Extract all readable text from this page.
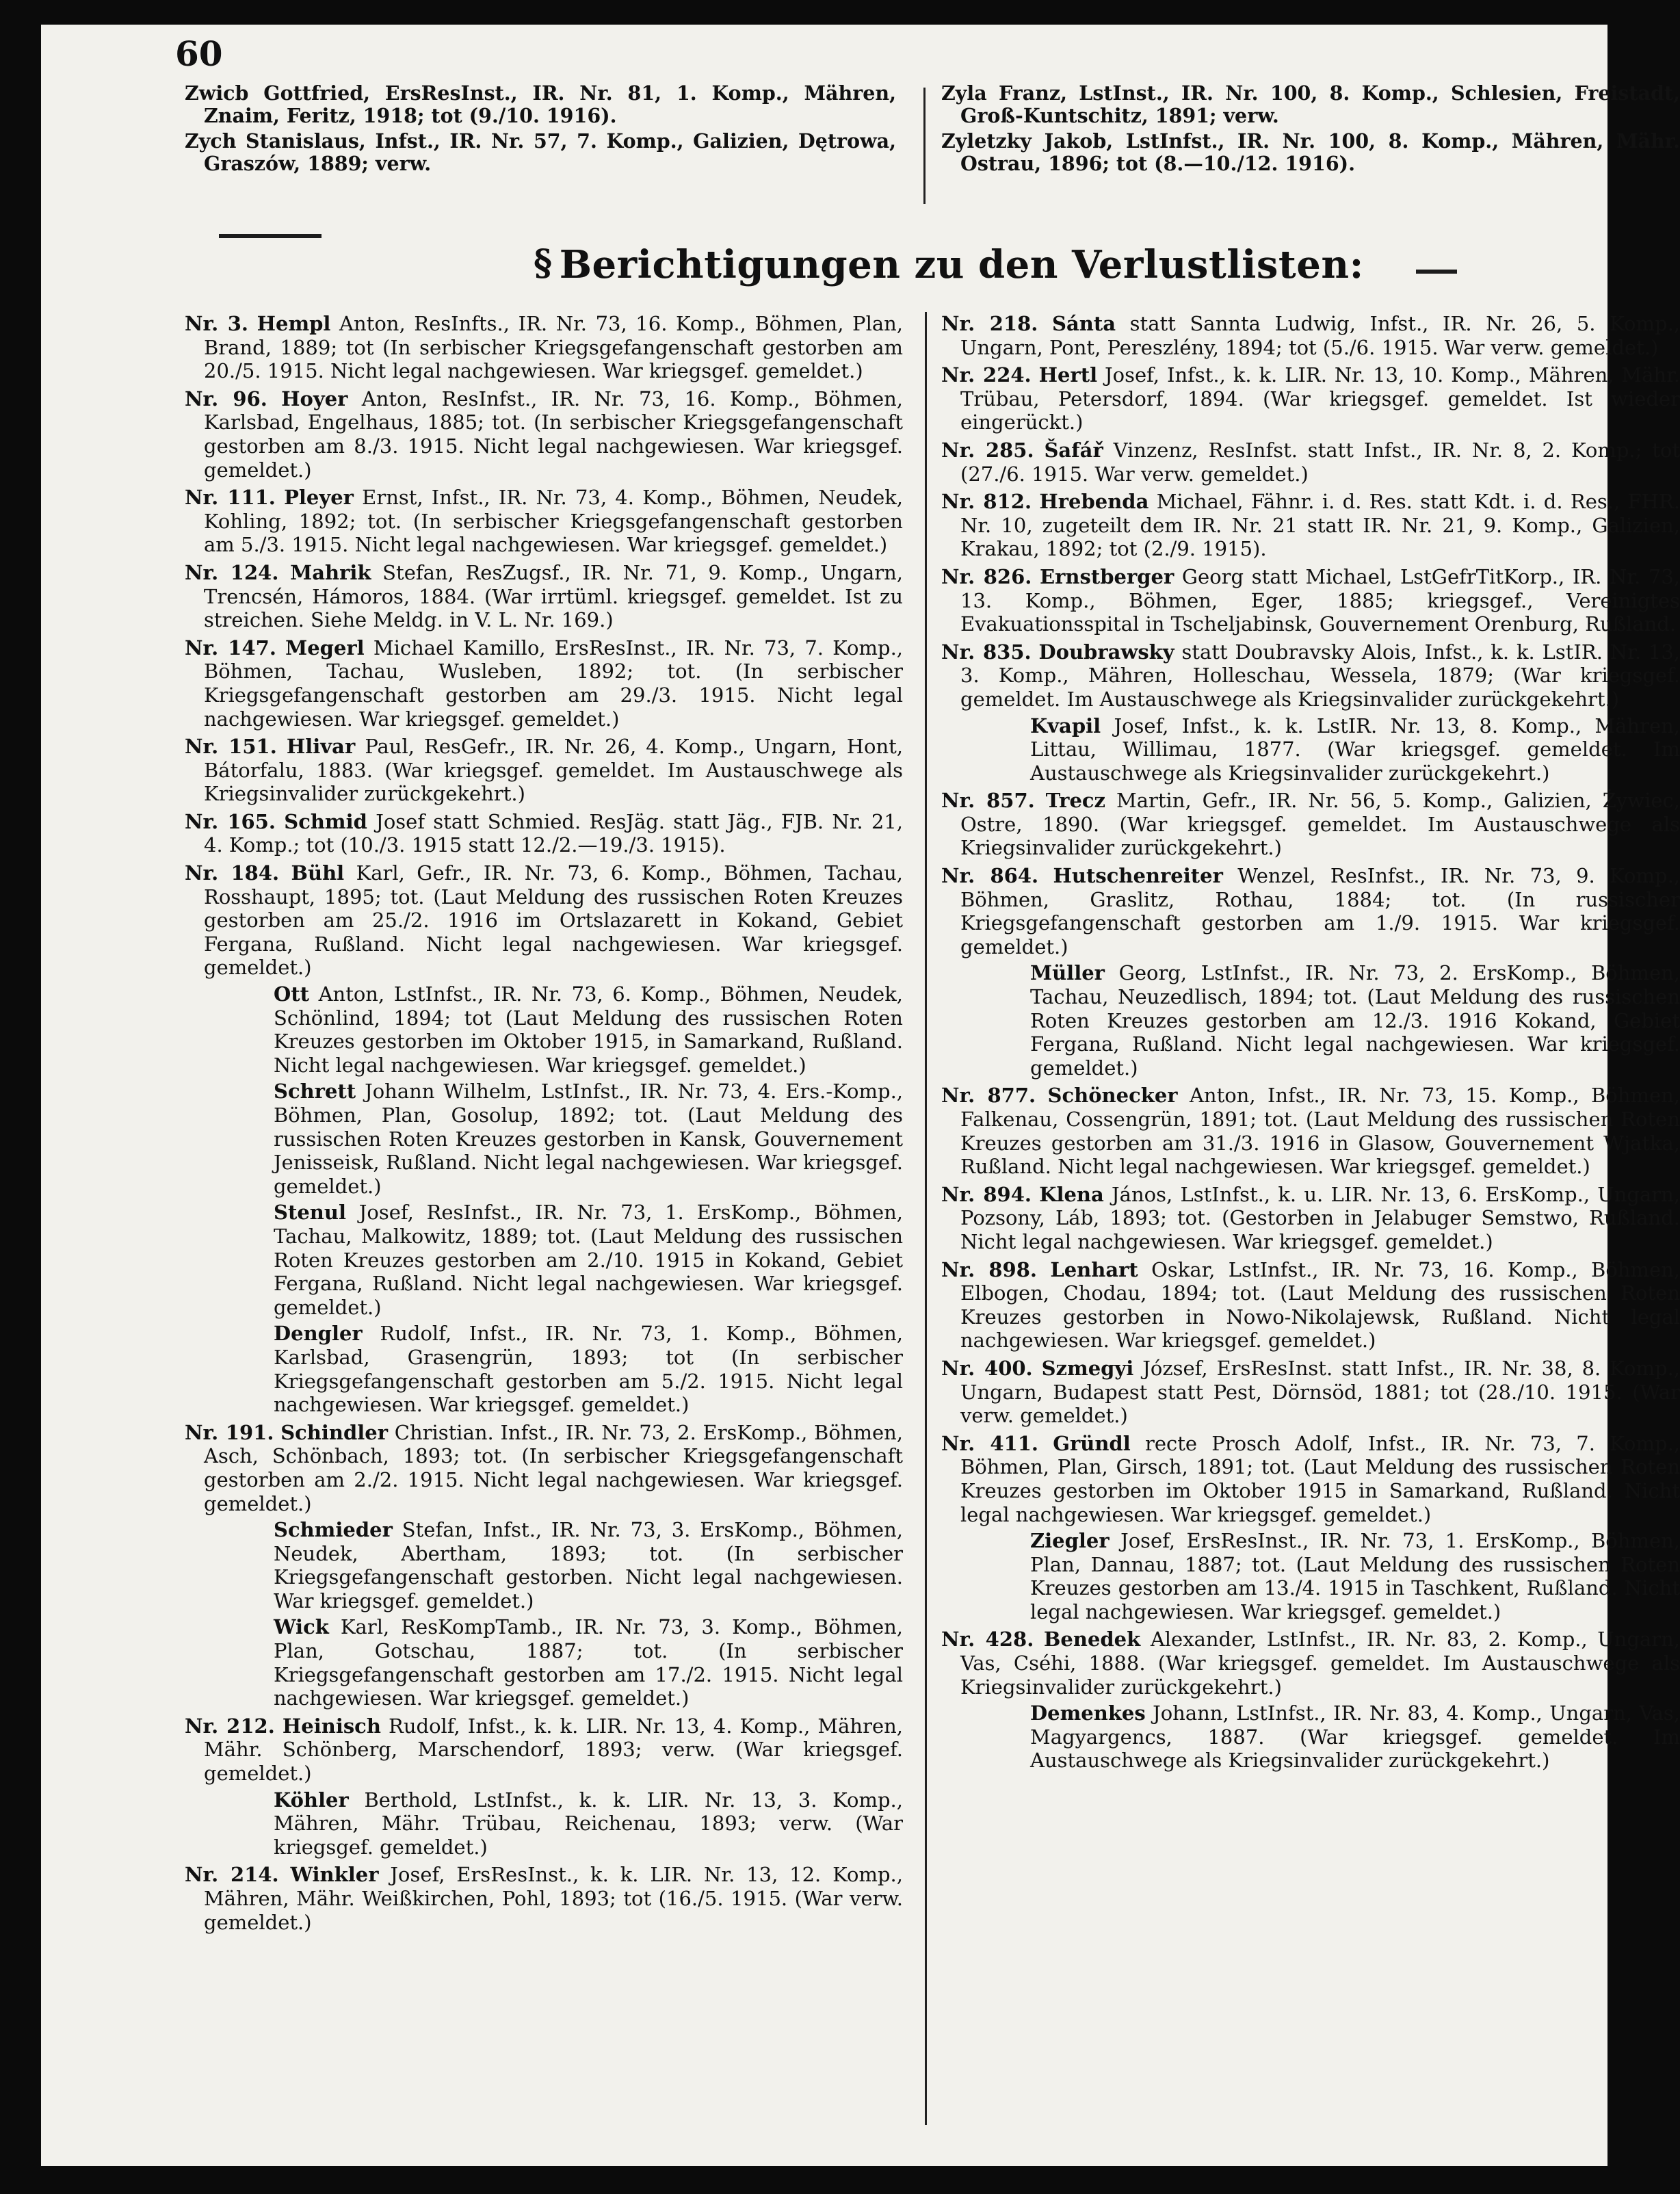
60

Zwicb Gottfried, ErsResInst., IR. Nr. 81, 1. Komp., Mähren, Znaim, Feritz, 1918; tot (9./10. 1916).

Zych Stanislaus, Infst., IR. Nr. 57, 7. Komp., Galizien, Dętrowa, Graszów, 1889; verw.

Zyla Franz, LstInst., IR. Nr. 100, 8. Komp., Schlesien, Freistadt, Groß-Kuntschitz, 1891; verw.

Zyletzky Jakob, LstInfst., IR. Nr. 100, 8. Komp., Mähren, Mähr. Ostrau, 1896; tot (8.—10./12. 1916).

§ Berichtigungen zu den Verlustlisten:

Nr. 3. Hempl Anton, ResInfts., IR. Nr. 73, 16. Komp., Böhmen, Plan, Brand, 1889; tot (In serbischer Kriegsgefangenschaft gestorben am 20./5. 1915. Nicht legal nachgewiesen. War kriegsgef. gemeldet.)

Nr. 96. Hoyer Anton, ResInfst., IR. Nr. 73, 16. Komp., Böhmen, Karlsbad, Engelhaus, 1885; tot. (In serbischer Kriegsgefangenschaft gestorben am 8./3. 1915. Nicht legal nachgewiesen. War kriegsgef. gemeldet.)

Nr. 111. Pleyer Ernst, Infst., IR. Nr. 73, 4. Komp., Böhmen, Neudek, Kohling, 1892; tot. (In serbischer Kriegsgefangenschaft gestorben am 5./3. 1915. Nicht legal nachgewiesen. War kriegsgef. gemeldet.)

Nr. 124. Mahrik Stefan, ResZugsf., IR. Nr. 71, 9. Komp., Ungarn, Trencsén, Hámoros, 1884. (War irrtüml. kriegsgef. gemeldet. Ist zu streichen. Siehe Meldg. in V. L. Nr. 169.)

Nr. 147. Megerl Michael Kamillo, ErsResInst., IR. Nr. 73, 7. Komp., Böhmen, Tachau, Wusleben, 1892; tot. (In serbischer Kriegsgefangenschaft gestorben am 29./3. 1915. Nicht legal nachgewiesen. War kriegsgef. gemeldet.)

Nr. 151. Hlivar Paul, ResGefr., IR. Nr. 26, 4. Komp., Ungarn, Hont, Bátorfalu, 1883. (War kriegsgef. gemeldet. Im Austauschwege als Kriegsinvalider zurückgekehrt.)

Nr. 165. Schmid Josef statt Schmied. ResJäg. statt Jäg., FJB. Nr. 21, 4. Komp.; tot (10./3. 1915 statt 12./2.—19./3. 1915).

Nr. 184. Bühl Karl, Gefr., IR. Nr. 73, 6. Komp., Böhmen, Tachau, Rosshaupt, 1895; tot. (Laut Meldung des russischen Roten Kreuzes gestorben am 25./2. 1916 im Ortslazarett in Kokand, Gebiet Fergana, Rußland. Nicht legal nachgewiesen. War kriegsgef. gemeldet.)

Ott Anton, LstInfst., IR. Nr. 73, 6. Komp., Böhmen, Neudek, Schönlind, 1894; tot (Laut Meldung des russischen Roten Kreuzes gestorben im Oktober 1915, in Samarkand, Rußland. Nicht legal nachgewiesen. War kriegsgef. gemeldet.)

Schrett Johann Wilhelm, LstInfst., IR. Nr. 73, 4. Ers.-Komp., Böhmen, Plan, Gosolup, 1892; tot. (Laut Meldung des russischen Roten Kreuzes gestorben in Kansk, Gouvernement Jenisseisk, Rußland. Nicht legal nachgewiesen. War kriegsgef. gemeldet.)

Stenul Josef, ResInfst., IR. Nr. 73, 1. ErsKomp., Böhmen, Tachau, Malkowitz, 1889; tot. (Laut Meldung des russischen Roten Kreuzes gestorben am 2./10. 1915 in Kokand, Gebiet Fergana, Rußland. Nicht legal nachgewiesen. War kriegsgef. gemeldet.)

Dengler Rudolf, Infst., IR. Nr. 73, 1. Komp., Böhmen, Karlsbad, Grasengrün, 1893; tot (In serbischer Kriegsgefangenschaft gestorben am 5./2. 1915. Nicht legal nachgewiesen. War kriegsgef. gemeldet.)

Nr. 191. Schindler Christian. Infst., IR. Nr. 73, 2. ErsKomp., Böhmen, Asch, Schönbach, 1893; tot. (In serbischer Kriegsgefangenschaft gestorben am 2./2. 1915. Nicht legal nachgewiesen. War kriegsgef. gemeldet.)

Schmieder Stefan, Infst., IR. Nr. 73, 3. ErsKomp., Böhmen, Neudek, Abertham, 1893; tot. (In serbischer Kriegsgefangenschaft gestorben. Nicht legal nachgewiesen. War kriegsgef. gemeldet.)

Wick Karl, ResKompTamb., IR. Nr. 73, 3. Komp., Böhmen, Plan, Gotschau, 1887; tot. (In serbischer Kriegsgefangenschaft gestorben am 17./2. 1915. Nicht legal nachgewiesen. War kriegsgef. gemeldet.)

Nr. 212. Heinisch Rudolf, Infst., k. k. LIR. Nr. 13, 4. Komp., Mähren, Mähr. Schönberg, Marschendorf, 1893; verw. (War kriegsgef. gemeldet.)

Köhler Berthold, LstInfst., k. k. LIR. Nr. 13, 3. Komp., Mähren, Mähr. Trübau, Reichenau, 1893; verw. (War kriegsgef. gemeldet.)

Nr. 214. Winkler Josef, ErsResInst., k. k. LIR. Nr. 13, 12. Komp., Mähren, Mähr. Weißkirchen, Pohl, 1893; tot (16./5. 1915. (War verw. gemeldet.)

Nr. 218. Sánta statt Sannta Ludwig, Infst., IR. Nr. 26, 5. Komp., Ungarn, Pont, Pereszlény, 1894; tot (5./6. 1915. War verw. gemeldet.)

Nr. 224. Hertl Josef, Infst., k. k. LIR. Nr. 13, 10. Komp., Mähren, Mähr. Trübau, Petersdorf, 1894. (War kriegsgef. gemeldet. Ist wieder eingerückt.)

Nr. 285. Šafář Vinzenz, ResInfst. statt Infst., IR. Nr. 8, 2. Komp.; tot (27./6. 1915. War verw. gemeldet.)

Nr. 812. Hrebenda Michael, Fähnr. i. d. Res. statt Kdt. i. d. Res., FHR. Nr. 10, zugeteilt dem IR. Nr. 21 statt IR. Nr. 21, 9. Komp., Galizien, Krakau, 1892; tot (2./9. 1915).

Nr. 826. Ernstberger Georg statt Michael, LstGefrTitKorp., IR. Nr. 73, 13. Komp., Böhmen, Eger, 1885; kriegsgef., Vereinigtes Evakuationsspital in Tscheljabinsk, Gouvernement Orenburg, Rußland.

Nr. 835. Doubrawsky statt Doubravsky Alois, Infst., k. k. LstIR. Nr. 13, 3. Komp., Mähren, Holleschau, Wessela, 1879; (War kriegsgef. gemeldet. Im Austauschwege als Kriegsinvalider zurückgekehrt.)

Kvapil Josef, Infst., k. k. LstIR. Nr. 13, 8. Komp., Mähren, Littau, Willimau, 1877. (War kriegsgef. gemeldet. Im Austauschwege als Kriegsinvalider zurückgekehrt.)

Nr. 857. Trecz Martin, Gefr., IR. Nr. 56, 5. Komp., Galizien, Żywiec, Ostre, 1890. (War kriegsgef. gemeldet. Im Austauschwege als Kriegsinvalider zurückgekehrt.)

Nr. 864. Hutschenreiter Wenzel, ResInfst., IR. Nr. 73, 9. Komp., Böhmen, Graslitz, Rothau, 1884; tot. (In russischer Kriegsgefangenschaft gestorben am 1./9. 1915. War kriegsgef. gemeldet.)

Müller Georg, LstInfst., IR. Nr. 73, 2. ErsKomp., Böhmen, Tachau, Neuzedlisch, 1894; tot. (Laut Meldung des russischen Roten Kreuzes gestorben am 12./3. 1916 Kokand, Gebiet Fergana, Rußland. Nicht legal nachgewiesen. War kriegsgef. gemeldet.)

Nr. 877. Schönecker Anton, Infst., IR. Nr. 73, 15. Komp., Böhmen, Falkenau, Cossengrün, 1891; tot. (Laut Meldung des russischen Roten Kreuzes gestorben am 31./3. 1916 in Glasow, Gouvernement Wjatka, Rußland. Nicht legal nachgewiesen. War kriegsgef. gemeldet.)

Nr. 894. Klena János, LstInfst., k. u. LIR. Nr. 13, 6. ErsKomp., Ungarn, Pozsony, Láb, 1893; tot. (Gestorben in Jelabuger Semstwo, Rußland. Nicht legal nachgewiesen. War kriegsgef. gemeldet.)

Nr. 898. Lenhart Oskar, LstInfst., IR. Nr. 73, 16. Komp., Böhmen, Elbogen, Chodau, 1894; tot. (Laut Meldung des russischen Roten Kreuzes gestorben in Nowo-Nikolajewsk, Rußland. Nicht legal nachgewiesen. War kriegsgef. gemeldet.)

Nr. 400. Szmegyi József, ErsResInst. statt Infst., IR. Nr. 38, 8. Komp., Ungarn, Budapest statt Pest, Dörnsöd, 1881; tot (28./10. 1915. (War verw. gemeldet.)

Nr. 411. Gründl recte Prosch Adolf, Infst., IR. Nr. 73, 7. Komp., Böhmen, Plan, Girsch, 1891; tot. (Laut Meldung des russischen Roten Kreuzes gestorben im Oktober 1915 in Samarkand, Rußland. Nicht legal nachgewiesen. War kriegsgef. gemeldet.)

Ziegler Josef, ErsResInst., IR. Nr. 73, 1. ErsKomp., Böhmen, Plan, Dannau, 1887; tot. (Laut Meldung des russischen Roten Kreuzes gestorben am 13./4. 1915 in Taschkent, Rußland. Nicht legal nachgewiesen. War kriegsgef. gemeldet.)

Nr. 428. Benedek Alexander, LstInfst., IR. Nr. 83, 2. Komp., Ungarn, Vas, Cséhi, 1888. (War kriegsgef. gemeldet. Im Austauschwege als Kriegsinvalider zurückgekehrt.)

Demenkes Johann, LstInfst., IR. Nr. 83, 4. Komp., Ungarn, Vas, Magyargencs, 1887. (War kriegsgef. gemeldet. Im Austauschwege als Kriegsinvalider zurückgekehrt.)
